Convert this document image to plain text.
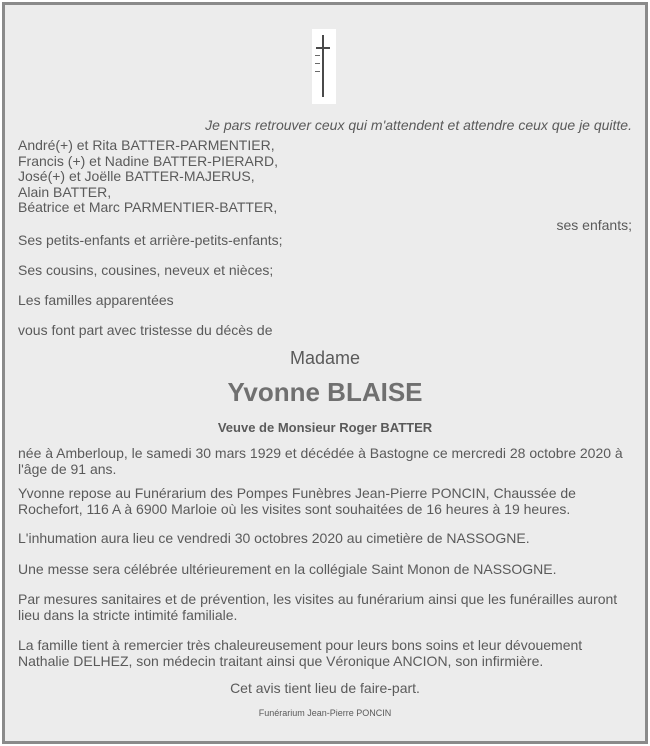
Je pars retrouver ceux qui m'attendent et attendre ceux que je quitte.
André(+) et Rita BATTER-PARMENTIER,
Francis (+) et Nadine BATTER-PIERARD,
José(+) et Joëlle BATTER-MAJERUS,
Alain BATTER,
Béatrice et Marc PARMENTIER-BATTER,
ses enfants;
Ses petits-enfants et arrière-petits-enfants;
Ses cousins, cousines, neveux et nièces;
Les familles apparentées
vous font part avec tristesse du décès de
Madame
Yvonne BLAISE
Veuve de Monsieur Roger BATTER
née à Amberloup, le samedi 30 mars 1929 et décédée à Bastogne ce mercredi 28 octobre 2020 à l'âge de 91 ans.
Yvonne repose au Funérarium des Pompes Funèbres Jean-Pierre PONCIN, Chaussée de Rochefort, 116 A à 6900 Marloie où les visites sont souhaitées de 16 heures à 19 heures.
L'inhumation aura lieu ce vendredi 30 octobres 2020 au cimetière de NASSOGNE.
Une messe sera célébrée ultérieurement en la collégiale Saint Monon de NASSOGNE.
Par mesures sanitaires et de prévention, les visites au funérarium ainsi que les funérailles auront lieu dans la stricte intimité familiale.
La famille tient à remercier très chaleureusement pour leurs bons soins et leur dévouement Nathalie DELHEZ, son médecin traitant ainsi que Véronique ANCION, son infirmière.
Cet avis tient lieu de faire-part.
Funérarium Jean-Pierre PONCIN
